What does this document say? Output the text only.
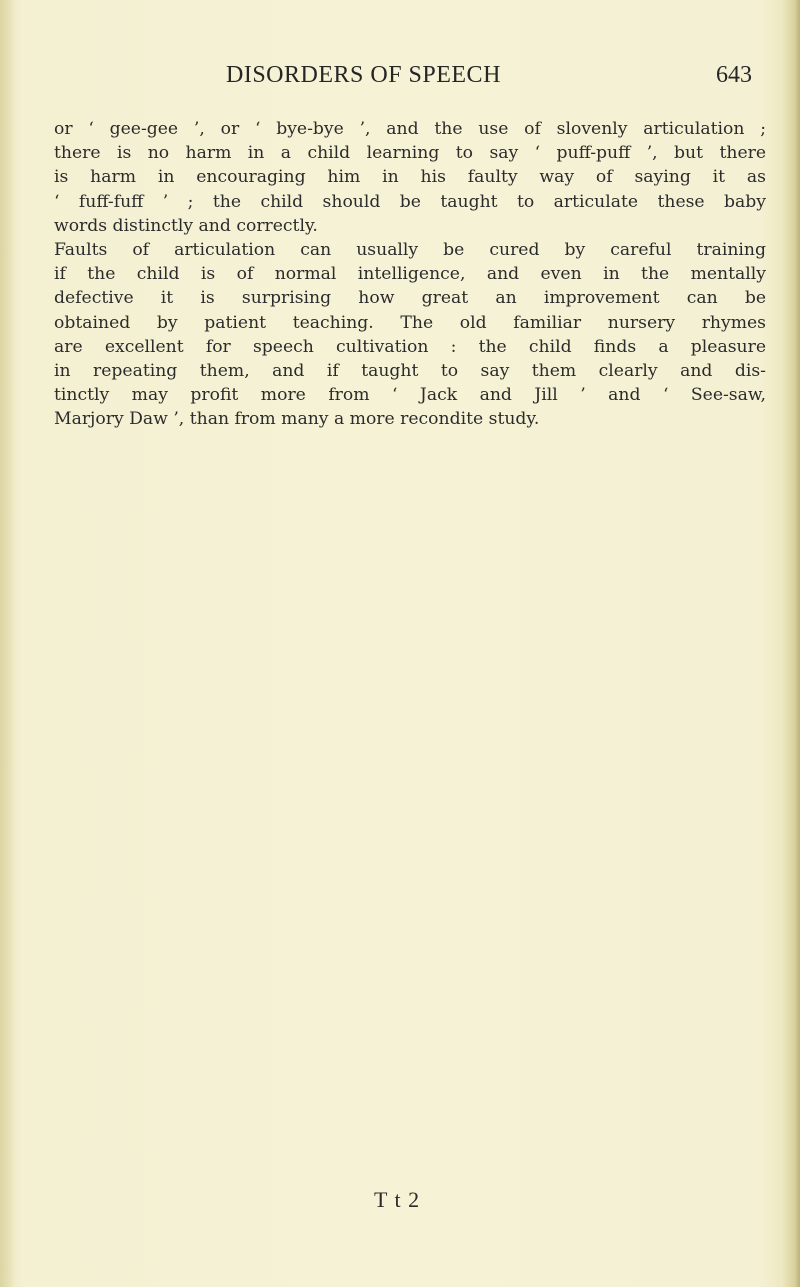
DISORDERS OF SPEECH	643
or ‘ gee-gee ’, or ‘ bye-bye ’, and the use of slovenly articulation ;
there is no harm in a child learning to say ‘ puff-puff ’, but there
is harm in encouraging him in his faulty way of saying it as
‘ fuff-fuff ’ ; the child should be taught to articulate these baby
words distinctly and correctly.
Faults of articulation can usually be cured by careful training
if the child is of normal intelligence, and even in the mentally
defective it is surprising how great an improvement can be
obtained by patient teaching. The old familiar nursery rhymes
are excellent for speech cultivation : the child finds a pleasure
in repeating them, and if taught to say them clearly and dis-
tinctly may profit more from ‘ Jack and Jill ’ and ‘ See-saw,
Marjory Daw ’, than from many a more recondite study.
T t 2
